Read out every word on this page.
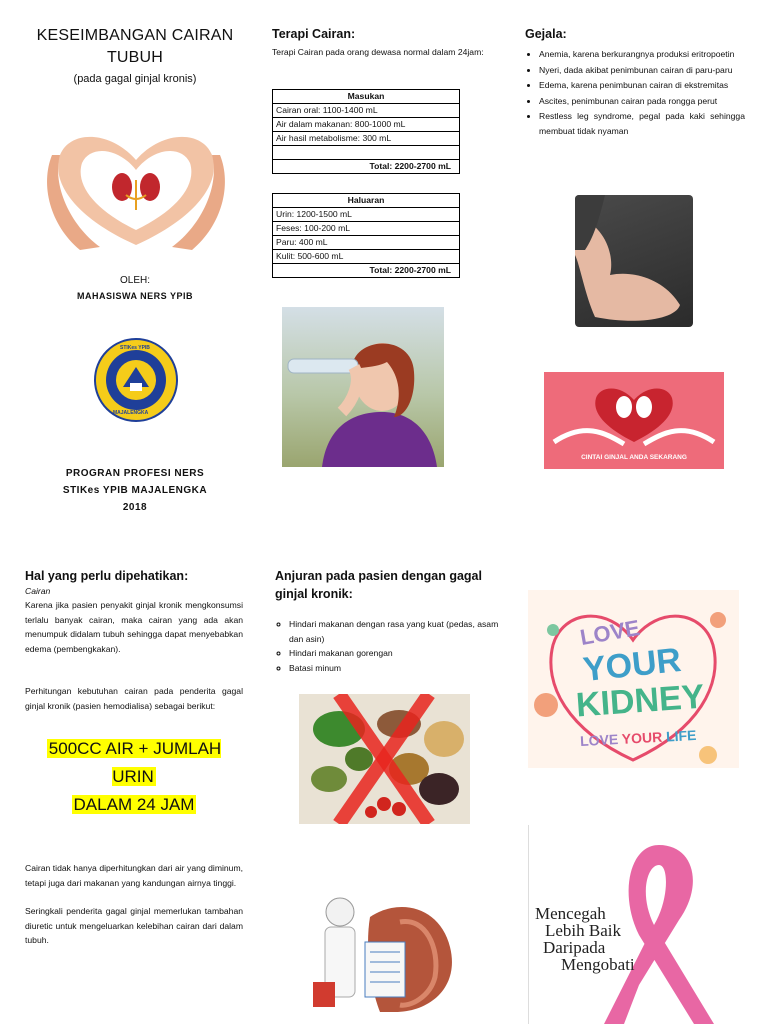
KESEIMBANGAN CAIRAN
TUBUH
(pada gagal ginjal kronis)
OLEH:
MAHASISWA NERS YPIB
STIKes YPIB
MAJALENGKA
PROGRAN PROFESI NERS
STIKes YPIB MAJALENGKA
2018

Terapi Cairan:

Terapi Cairan pada orang dewasa normal dalam 24jam:
Masukan
Cairan oral: 1100-1400 mL
Air dalam makanan: 800-1000 mL
Air hasil metabolisme: 300 mL

Total: 2200-2700 mL
Haluaran
Urin: 1200-1500 mL
Feses: 100-200 mL
Paru: 400 mL
Kulit: 500-600 mL
Total: 2200-2700 mL

Gejala:

• Anemia, karena berkurangnya produksi eritropoetin
• Nyeri, dada akibat penimbunan cairan di paru-paru
• Edema, karena penimbunan cairan di ekstremitas
• Ascites, penimbunan cairan pada rongga perut
• Restless leg syndrome, pegal pada kaki sehingga membuat tidak nyaman
CINTAI GINJAL ANDA SEKARANG

Hal yang perlu dipehatikan:

Cairan
Karena jika pasien penyakit ginjal kronik mengkonsumsi terlalu banyak cairan, maka cairan yang ada akan menumpuk didalam tubuh sehingga dapat menyebabkan edema (pembengkakan).
Perhitungan kebutuhan cairan pada penderita gagal ginjal kronik (pasien hemodialisa) sebagai berikut:
500CC AIR + JUMLAH URIN
DALAM 24 JAM
Cairan tidak hanya diperhitungkan dari air yang diminum, tetapi juga dari makanan yang kandungan airnya tinggi.
Seringkali penderita gagal ginjal memerlukan tambahan diuretic untuk mengeluarkan kelebihan cairan dari dalam tubuh.

Anjuran pada pasien dengan gagal
ginjal kronik:

◦ Hindari makanan dengan rasa yang kuat (pedas, asam dan asin)
◦ Hindari makanan gorengan
◦ Batasi minum
LOVE
YOUR
KIDNEY
LOVE YOUR LIFE
Mencegah
Lebih Baik
Daripada
Mengobati
